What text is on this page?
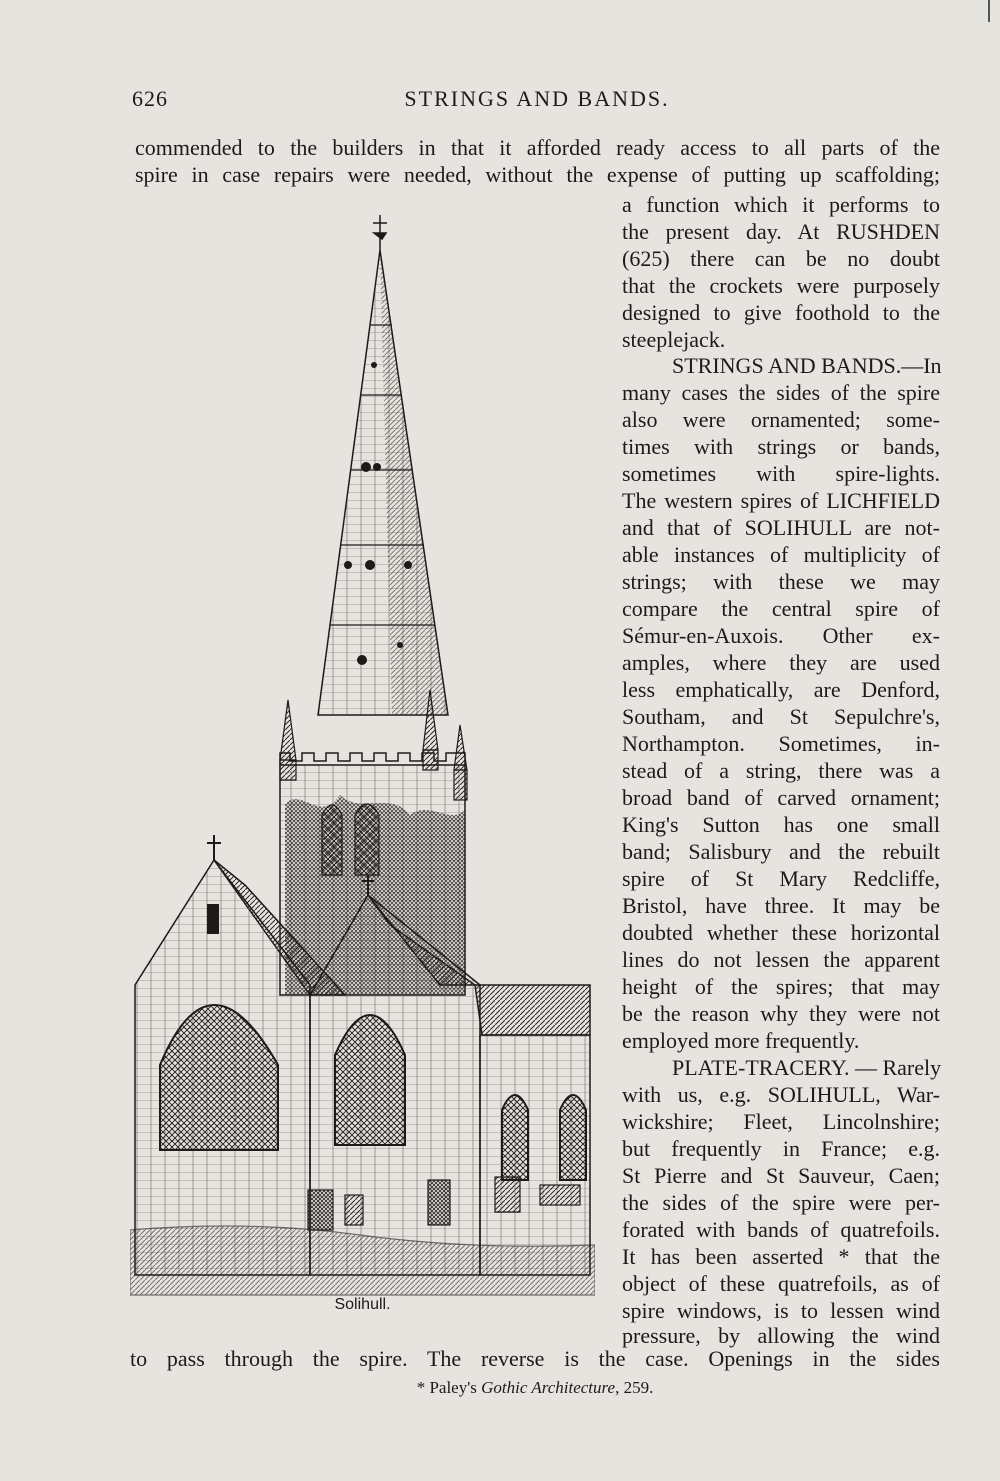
626	STRINGS AND BANDS.
commended to the builders in that it afforded ready access to all parts of the
spire in case repairs were needed, without the expense of putting up scaffolding;
a function which it performs to
the present day. At RUSHDEN
(625) there can be no doubt
that the crockets were purposely
designed to give foothold to the
steeplejack.
STRINGS AND BANDS.—In
many cases the sides of the spire
also were ornamented; some-
times with strings or bands,
sometimes with spire-lights.
The western spires of LICHFIELD
and that of SOLIHULL are not-
able instances of multiplicity of
strings; with these we may
compare the central spire of
Sémur-en-Auxois. Other ex-
amples, where they are used
less emphatically, are Denford,
Southam, and St Sepulchre's,
Northampton. Sometimes, in-
stead of a string, there was a
broad band of carved ornament;
King's Sutton has one small
band; Salisbury and the rebuilt
spire of St Mary Redcliffe,
Bristol, have three. It may be
doubted whether these horizontal
lines do not lessen the apparent
height of the spires; that may
be the reason why they were not
employed more frequently.
PLATE-TRACERY. — Rarely
with us, e.g. SOLIHULL, War-
wickshire; Fleet, Lincolnshire;
but frequently in France; e.g.
St Pierre and St Sauveur, Caen;
the sides of the spire were per-
forated with bands of quatrefoils.
It has been asserted * that the
object of these quatrefoils, as of
spire windows, is to lessen wind
pressure, by allowing the wind
to pass through the spire. The reverse is the case. Openings in the sides
* Paley's Gothic Architecture, 259.
Solihull.
